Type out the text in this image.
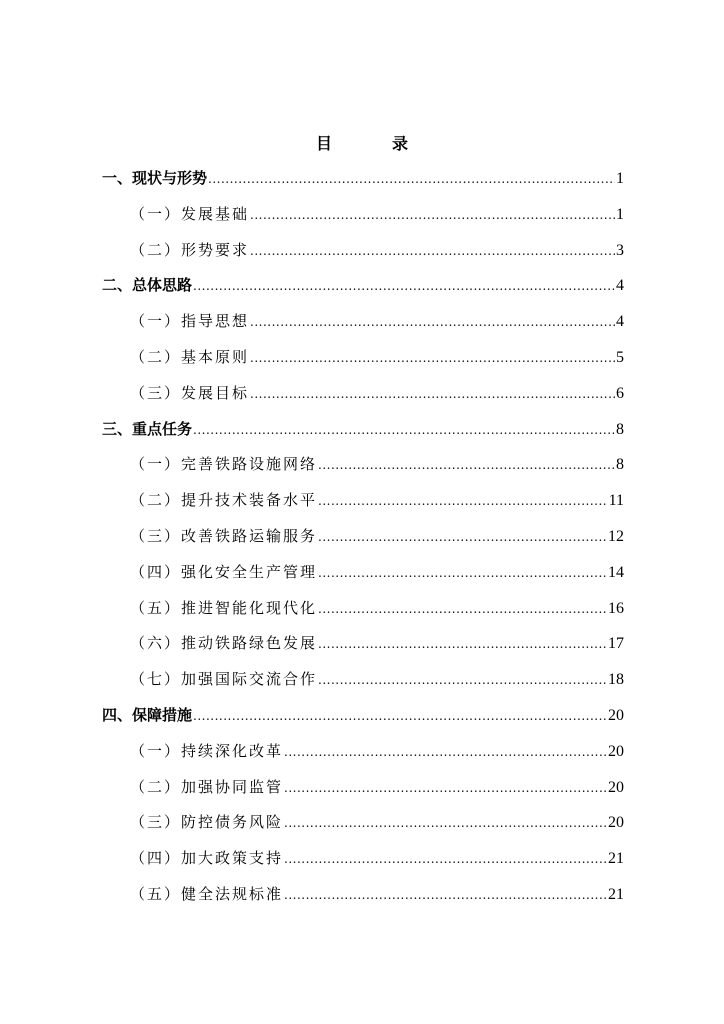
目　录
一、现状与形势 .....	1
（一）发展基础 .....	1
（二）形势要求 .....	3
二、总体思路 .....	4
（一）指导思想 .....	4
（二）基本原则 .....	5
（三）发展目标 .....	6
三、重点任务 .....	8
（一）完善铁路设施网络 .....	8
（二）提升技术装备水平 .....	11
（三）改善铁路运输服务 .....	12
（四）强化安全生产管理 .....	14
（五）推进智能化现代化 .....	16
（六）推动铁路绿色发展 .....	17
（七）加强国际交流合作 .....	18
四、保障措施 .....	20
（一）持续深化改革 .....	20
（二）加强协同监管 .....	20
（三）防控债务风险 .....	20
（四）加大政策支持 .....	21
（五）健全法规标准 .....	21
